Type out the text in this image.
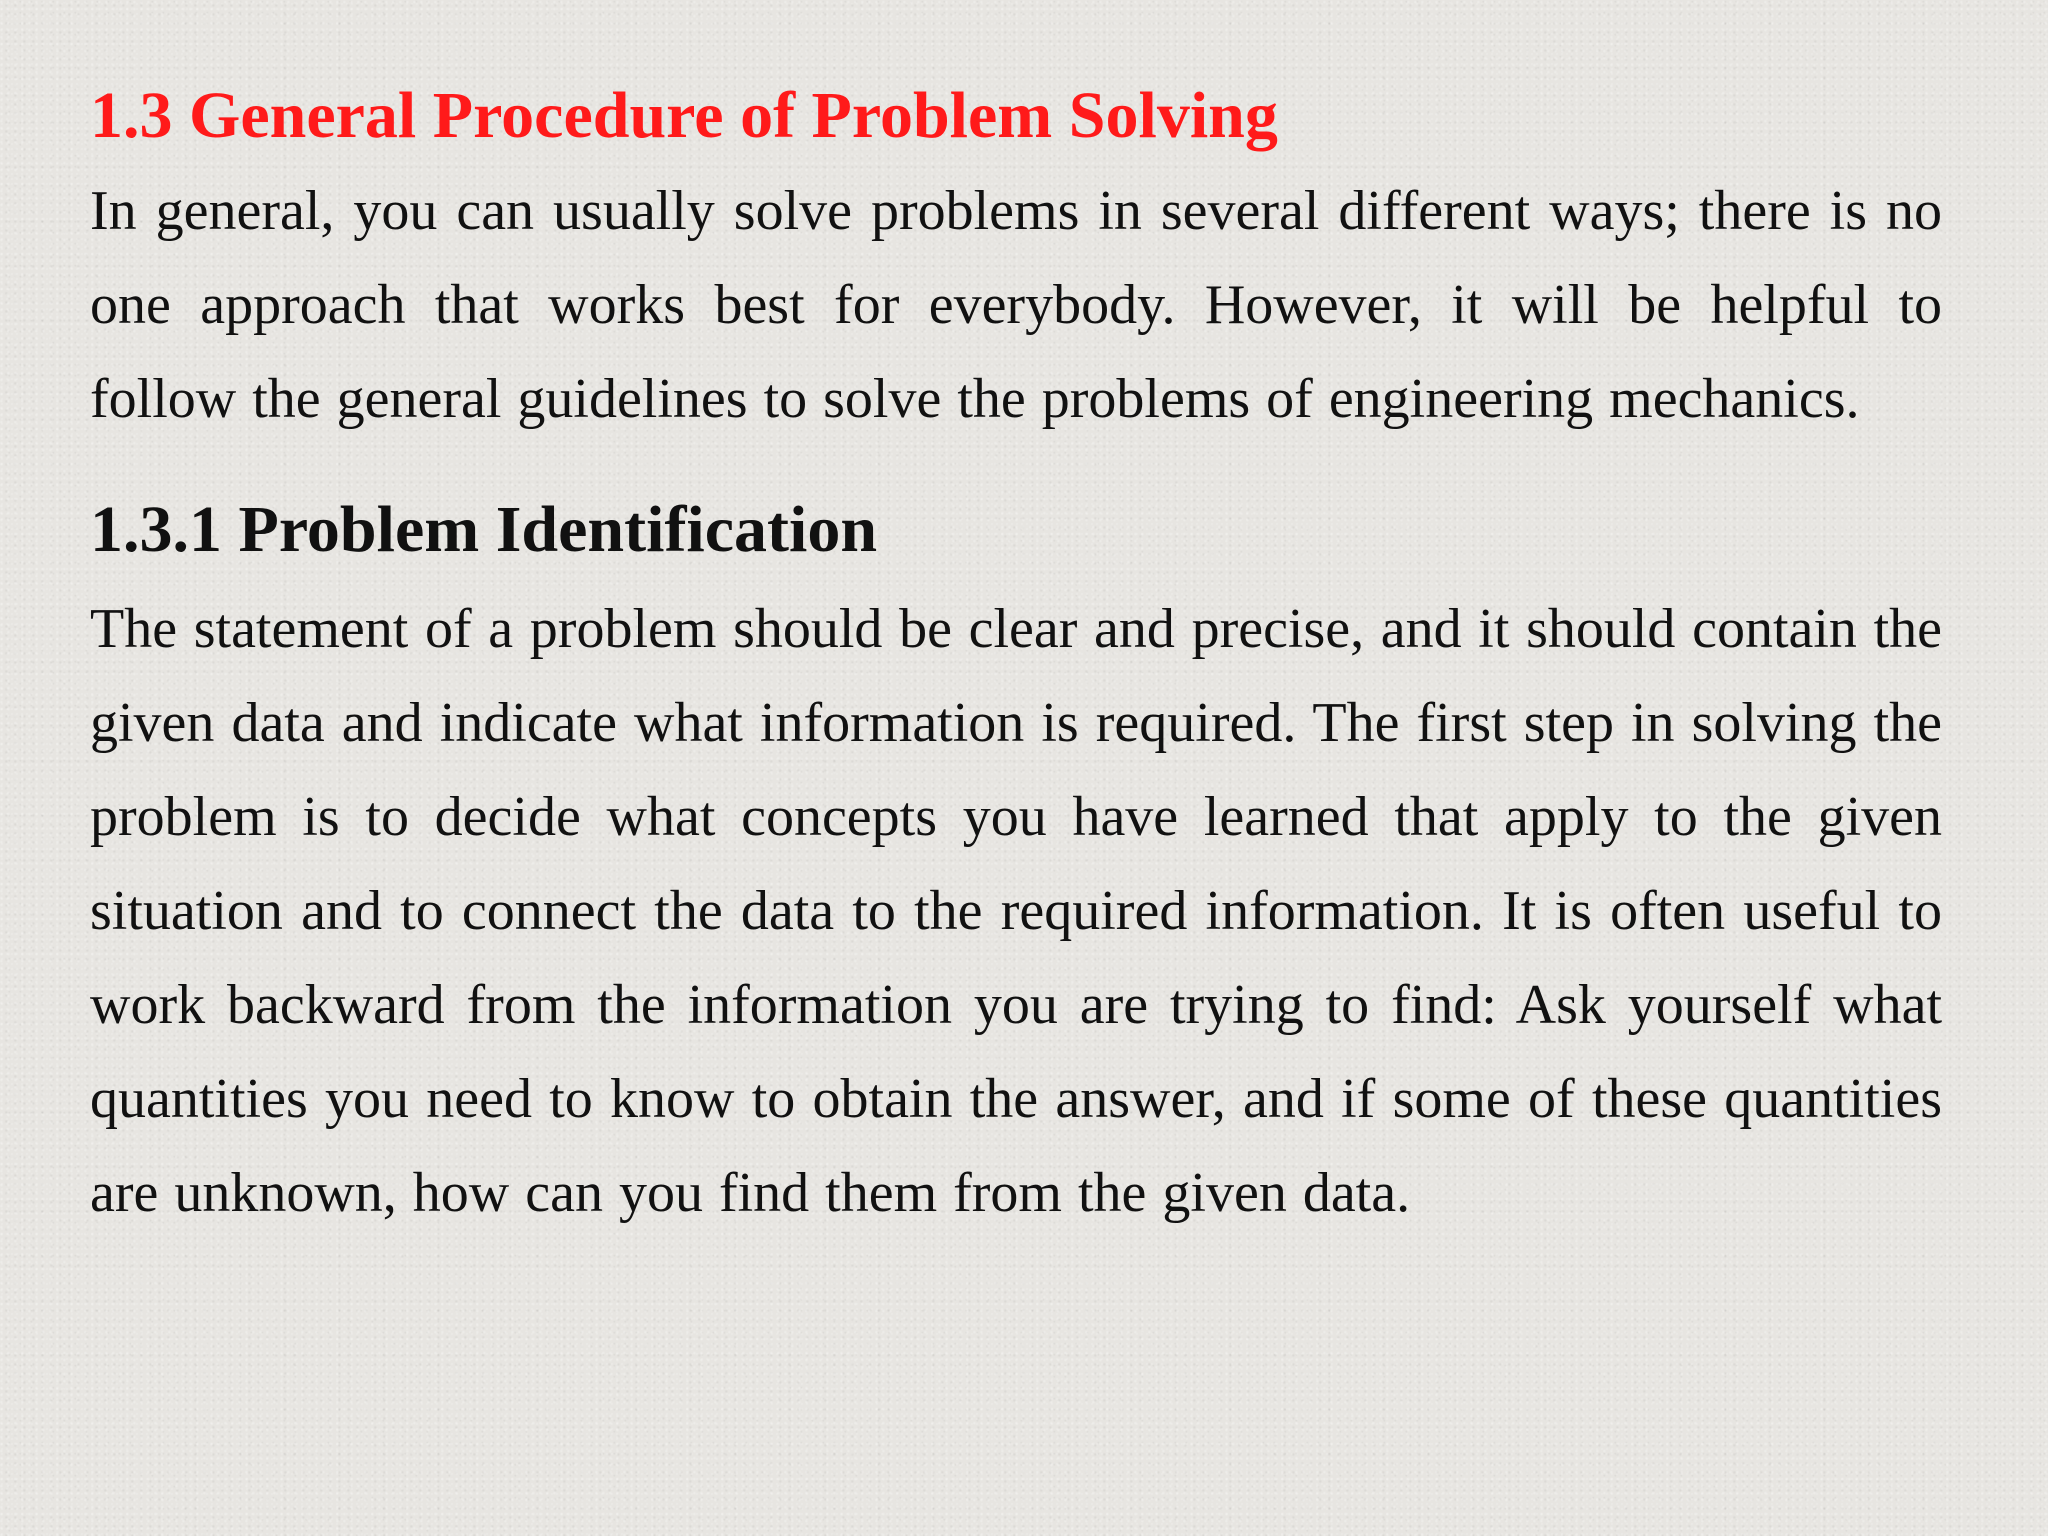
1.3 General Procedure of Problem Solving

In general, you can usually solve problems in several different ways; there is no one approach that works best for everybody. However, it will be helpful to follow the general guidelines to solve the problems of engineering mechanics.

1.3.1 Problem Identification

The statement of a problem should be clear and precise, and it should contain the given data and indicate what information is required. The first step in solving the problem is to decide what concepts you have learned that apply to the given situation and to connect the data to the required information. It is often useful to work backward from the information you are trying to find: Ask yourself what quantities you need to know to obtain the answer, and if some of these quantities are unknown, how can you find them from the given data.
